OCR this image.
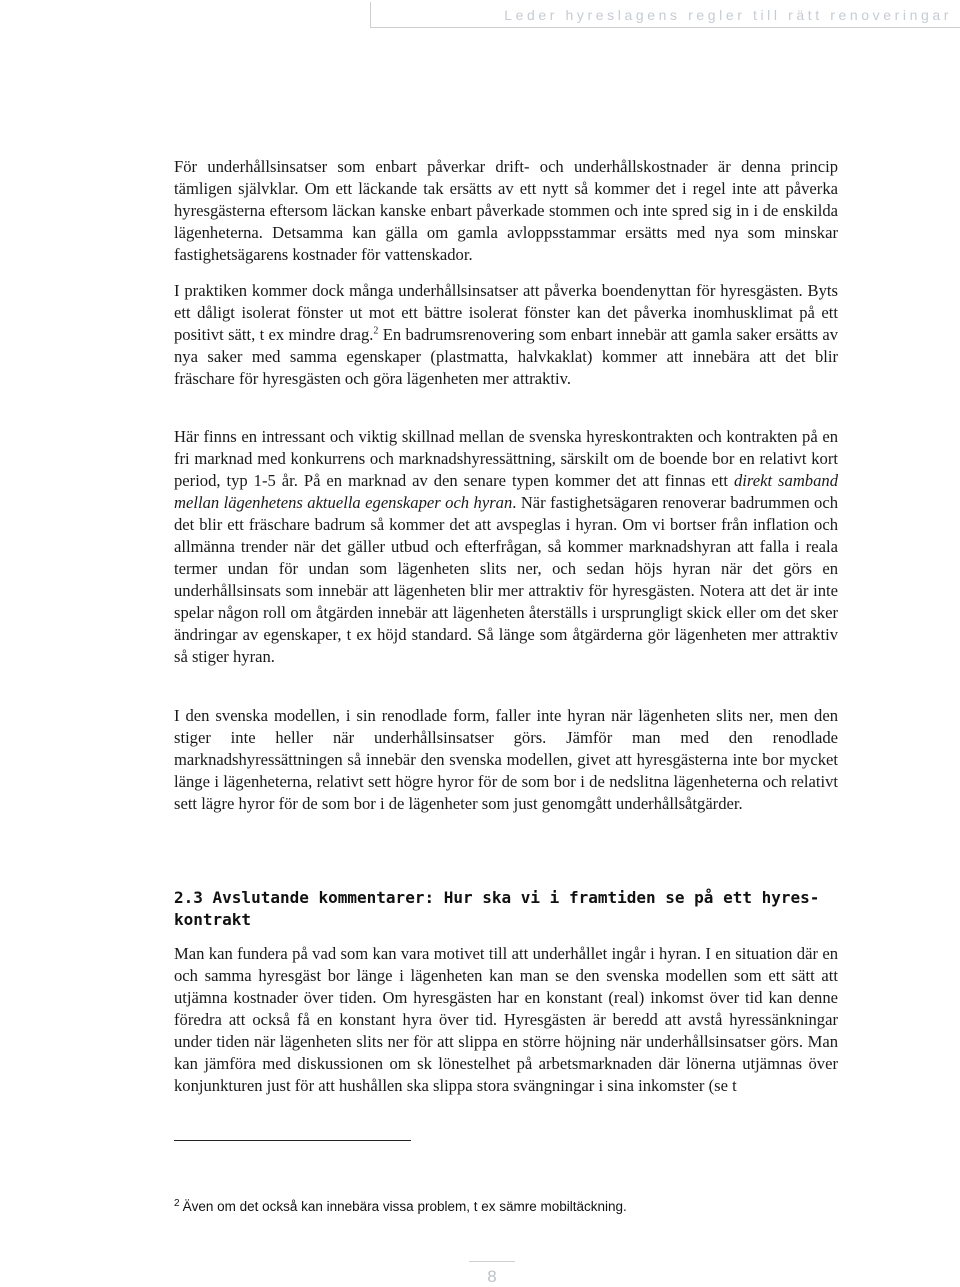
Leder hyreslagens regler till rätt renoveringar

För underhållsinsatser som enbart påverkar drift- och underhållskostnader är denna princip tämligen självklar. Om ett läckande tak ersätts av ett nytt så kommer det i regel inte att påverka hyresgästerna eftersom läckan kanske enbart påverkade stommen och inte spred sig in i de enskilda lägenheterna. Detsamma kan gälla om gamla avloppsstammar ersätts med nya som minskar fastighetsägarens kostnader för vattenskador.

I praktiken kommer dock många underhållsinsatser att påverka boendenyttan för hyresgästen. Byts ett dåligt isolerat fönster ut mot ett bättre isolerat fönster kan det påverka inomhusklimat på ett positivt sätt, t ex mindre drag.$^2$ En badrumsrenovering som enbart innebär att gamla saker ersätts av nya saker med samma egenskaper (plastmatta, halvkaklat) kommer att innebära att det blir fräschare för hyresgästen och göra lägenheten mer attraktiv.

Här finns en intressant och viktig skillnad mellan de svenska hyreskontrakten och kontrakten på en fri marknad med konkurrens och marknadshyressättning, särskilt om de boende bor en relativt kort period, typ 1-5 år. På en marknad av den senare typen kommer det att finnas ett direkt samband mellan lägenhetens aktuella egenskaper och hyran. När fastighetsägaren renoverar badrummen och det blir ett fräschare badrum så kommer det att avspeglas i hyran. Om vi bortser från inflation och allmänna trender när det gäller utbud och efterfrågan, så kommer marknadshyran att falla i reala termer undan för undan som lägenheten slits ner, och sedan höjs hyran när det görs en underhållsinsats som innebär att lägenheten blir mer attraktiv för hyresgästen. Notera att det är inte spelar någon roll om åtgärden innebär att lägenheten återställs i ursprungligt skick eller om det sker ändringar av egenskaper, t ex höjd standard. Så länge som åtgärderna gör lägenheten mer attraktiv så stiger hyran.

I den svenska modellen, i sin renodlade form, faller inte hyran när lägenheten slits ner, men den stiger inte heller när underhållsinsatser görs. Jämför man med den renodlade marknadshyressättningen så innebär den svenska modellen, givet att hyresgästerna inte bor mycket länge i lägenheterna, relativt sett högre hyror för de som bor i de nedslitna lägenheterna och relativt sett lägre hyror för de som bor i de lägenheter som just genomgått underhållsåtgärder.

2.3 Avslutande kommentarer: Hur ska vi i framtiden se på ett hyreskontrakt

Man kan fundera på vad som kan vara motivet till att underhållet ingår i hyran. I en situation där en och samma hyresgäst bor länge i lägenheten kan man se den svenska modellen som ett sätt att utjämna kostnader över tiden. Om hyresgästen har en konstant (real) inkomst över tid kan denne föredra att också få en konstant hyra över tid. Hyresgästen är beredd att avstå hyressänkningar under tiden när lägenheten slits ner för att slippa en större höjning när underhållsinsatser görs. Man kan jämföra med diskussionen om sk lönestelhet på arbetsmarknaden där lönerna utjämnas över konjunkturen just för att hushållen ska slippa stora svängningar i sina inkomster (se t

$^2$ Även om det också kan innebära vissa problem, t ex sämre mobiltäckning.

8
